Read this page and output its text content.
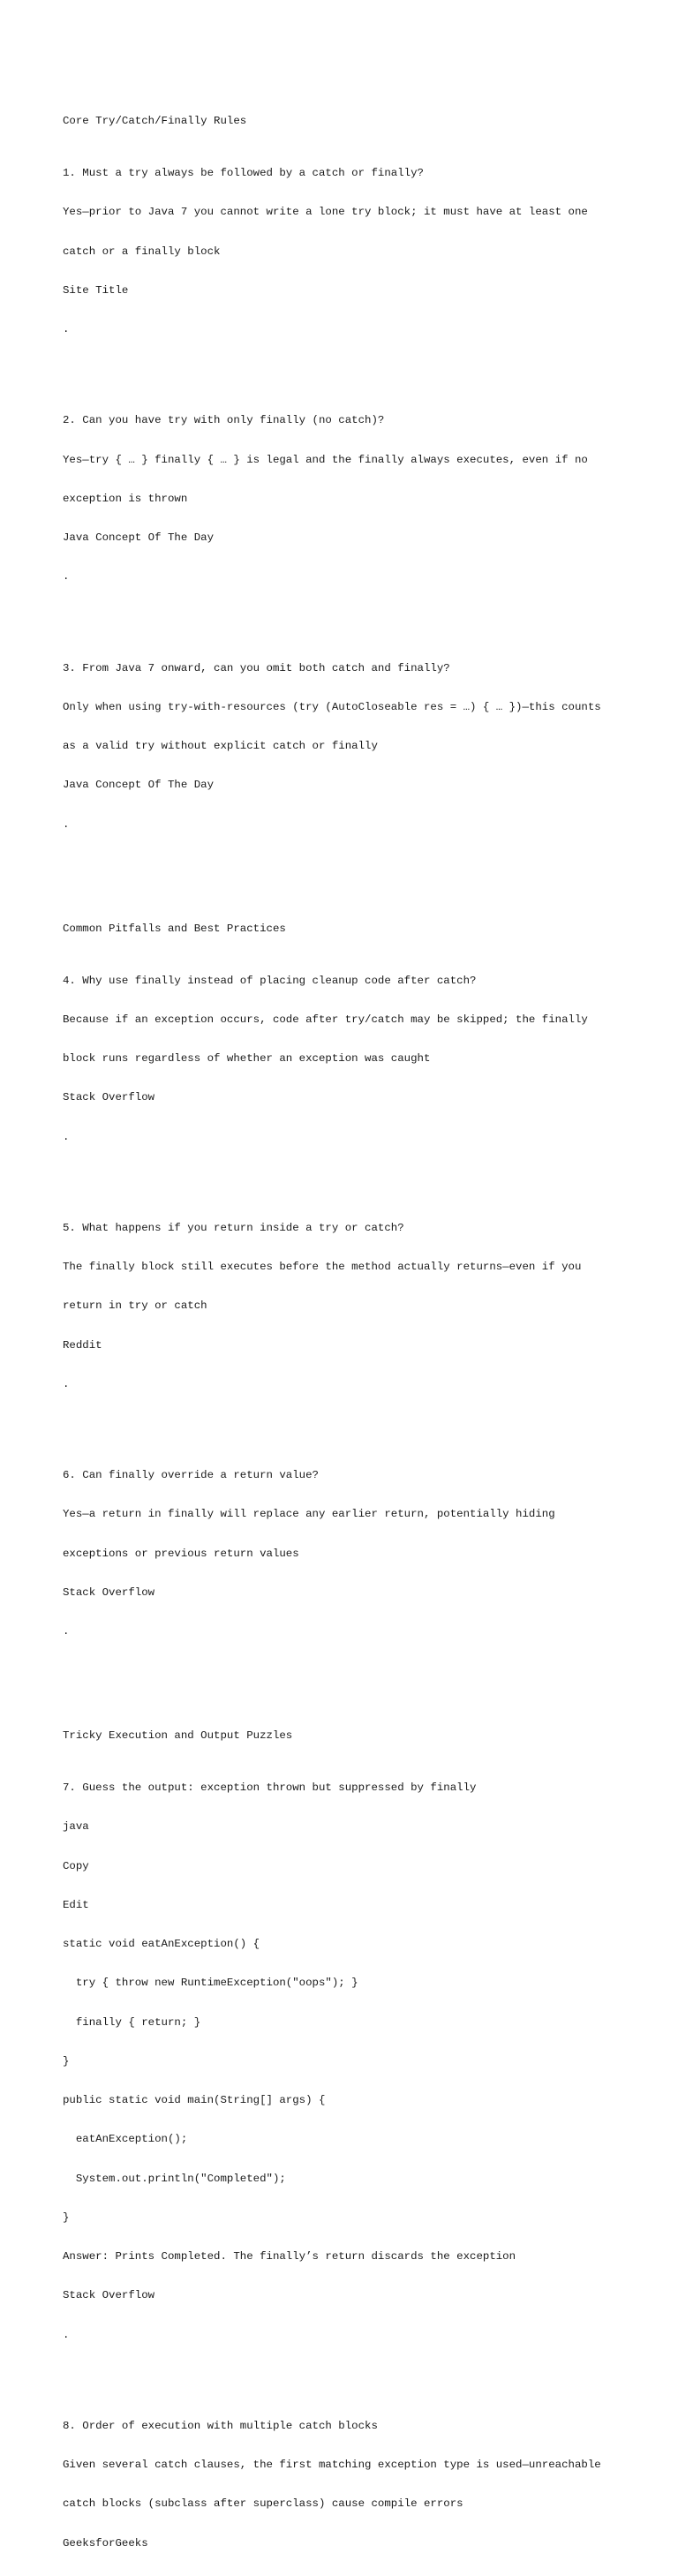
Core Try/Catch/Finally Rules

1. Must a try always be followed by a catch or finally?

Yes—prior to Java 7 you cannot write a lone try block; it must have at least one

catch or a finally block

Site Title

.

2. Can you have try with only finally (no catch)?

Yes—try { … } finally { … } is legal and the finally always executes, even if no

exception is thrown

Java Concept Of The Day

.

3. From Java 7 onward, can you omit both catch and finally?

Only when using try-with-resources (try (AutoCloseable res = …) { … })—this counts

as a valid try without explicit catch or finally

Java Concept Of The Day

.

Common Pitfalls and Best Practices

4. Why use finally instead of placing cleanup code after catch?

Because if an exception occurs, code after try/catch may be skipped; the finally

block runs regardless of whether an exception was caught

Stack Overflow

.

5. What happens if you return inside a try or catch?

The finally block still executes before the method actually returns—even if you

return in try or catch

Reddit

.

6. Can finally override a return value?

Yes—a return in finally will replace any earlier return, potentially hiding

exceptions or previous return values

Stack Overflow

.

Tricky Execution and Output Puzzles

7. Guess the output: exception thrown but suppressed by finally

java

Copy

Edit

static void eatAnException() {

try { throw new RuntimeException("oops"); }

finally { return; }

}

public static void main(String[] args) {

eatAnException();

System.out.println("Completed");

}

Answer: Prints Completed. The finally’s return discards the exception

Stack Overflow

.

8. Order of execution with multiple catch blocks

Given several catch clauses, the first matching exception type is used—unreachable

catch blocks (subclass after superclass) cause compile errors

GeeksforGeeks
